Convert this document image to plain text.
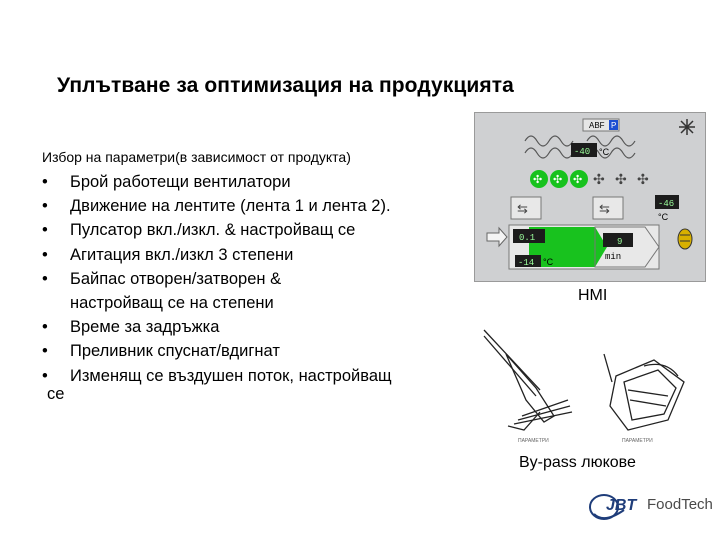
Уплътване за оптимизация на продукцията
Избор на параметри(в зависимост от продукта)
• Брой работещи вентилатори
• Движение на лентите (лента 1 и лента 2).
• Пулсатор вкл./изкл. & настройващ се
• Агитация вкл./изкл 3 степени
• Байпас отворен/затворен & настройващ се на степени
• Време за задръжка
• Преливник спуснат/вдигнат
• Изменящ се въздушен поток, настройващ
се
ABF P
-40 °C
✣ ✣ ✣ ✣ ✣ ✣
-46
°C
⇆	⇆
0.1	9
min
-14 °C
HMI
ПАРАМЕТРИ	ПАРАМЕТРИ
By-pass люкове
JBT FoodTech
